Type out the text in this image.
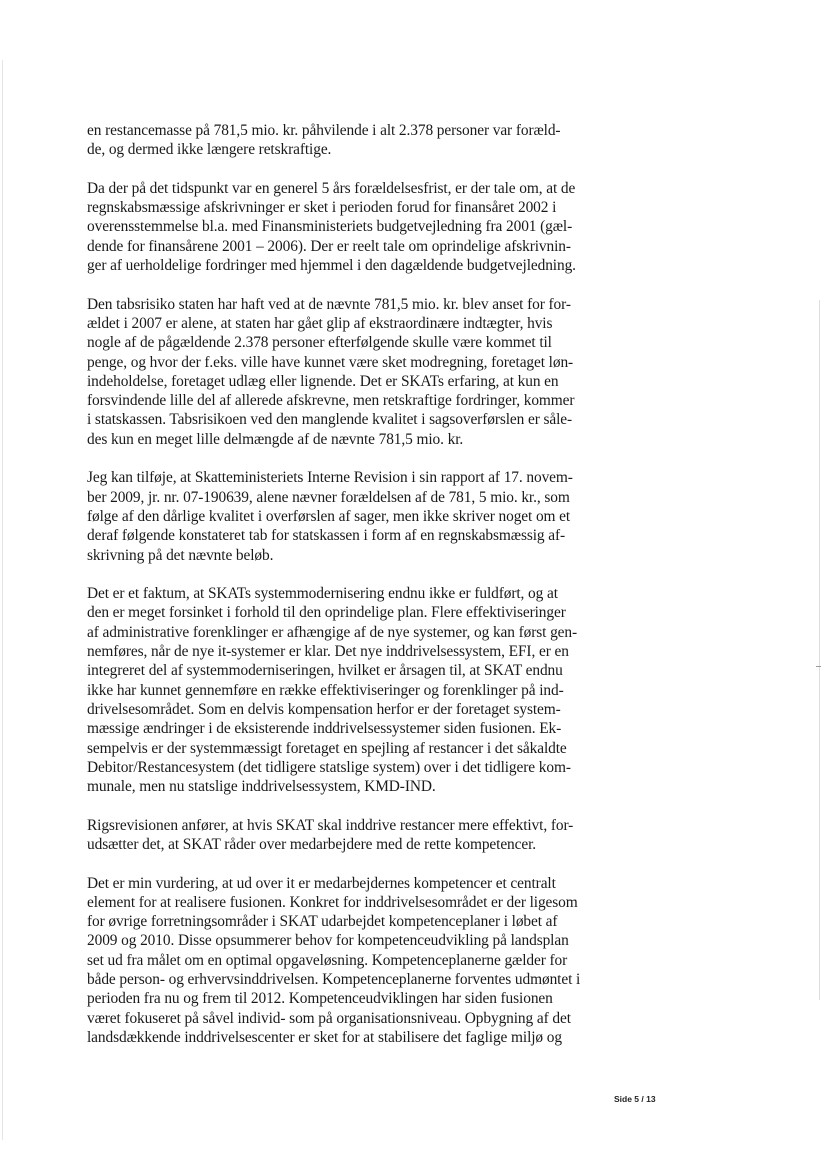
en restancemasse på 781,5 mio. kr. påhvilende i alt 2.378 personer var foræld-
de, og dermed ikke længere retskraftige.
Da der på det tidspunkt var en generel 5 års forældelsesfrist, er der tale om, at de
regnskabsmæssige afskrivninger er sket i perioden forud for finansåret 2002 i
overensstemmelse bl.a. med Finansministeriets budgetvejledning fra 2001 (gæl-
dende for finansårene 2001 – 2006). Der er reelt tale om oprindelige afskrivnin-
ger af uerholdelige fordringer med hjemmel i den dagældende budgetvejledning.
Den tabsrisiko staten har haft ved at de nævnte 781,5 mio. kr. blev anset for for-
ældet i 2007 er alene, at staten har gået glip af ekstraordinære indtægter, hvis
nogle af de pågældende 2.378 personer efterfølgende skulle være kommet til
penge, og hvor der f.eks. ville have kunnet være sket modregning, foretaget løn-
indeholdelse, foretaget udlæg eller lignende. Det er SKATs erfaring, at kun en
forsvindende lille del af allerede afskrevne, men retskraftige fordringer, kommer
i statskassen. Tabsrisikoen ved den manglende kvalitet i sagsoverførslen er såle-
des kun en meget lille delmængde af de nævnte 781,5 mio. kr.
Jeg kan tilføje, at Skatteministeriets Interne Revision i sin rapport af 17. novem-
ber 2009, jr. nr. 07-190639, alene nævner forældelsen af de 781, 5 mio. kr., som
følge af den dårlige kvalitet i overførslen af sager, men ikke skriver noget om et
deraf følgende konstateret tab for statskassen i form af en regnskabsmæssig af-
skrivning på det nævnte beløb.
Det er et faktum, at SKATs systemmodernisering endnu ikke er fuldført, og at
den er meget forsinket i forhold til den oprindelige plan. Flere effektiviseringer
af administrative forenklinger er afhængige af de nye systemer, og kan først gen-
nemføres, når de nye it-systemer er klar. Det nye inddrivelsessystem, EFI, er en
integreret del af systemmoderniseringen, hvilket er årsagen til, at SKAT endnu
ikke har kunnet gennemføre en række effektiviseringer og forenklinger på ind-
drivelsesområdet. Som en delvis kompensation herfor er der foretaget system-
mæssige ændringer i de eksisterende inddrivelsessystemer siden fusionen. Ek-
sempelvis er der systemmæssigt foretaget en spejling af restancer i det såkaldte
Debitor/Restancesystem (det tidligere statslige system) over i det tidligere kom-
munale, men nu statslige inddrivelsessystem, KMD-IND.
Rigsrevisionen anfører, at hvis SKAT skal inddrive restancer mere effektivt, for-
udsætter det, at SKAT råder over medarbejdere med de rette kompetencer.
Det er min vurdering, at ud over it er medarbejdernes kompetencer et centralt
element for at realisere fusionen. Konkret for inddrivelsesområdet er der ligesom
for øvrige forretningsområder i SKAT udarbejdet kompetenceplaner i løbet af
2009 og 2010. Disse opsummerer behov for kompetenceudvikling på landsplan
set ud fra målet om en optimal opgaveløsning. Kompetenceplanerne gælder for
både person- og erhvervsinddrivelsen. Kompetenceplanerne forventes udmøntet i
perioden fra nu og frem til 2012. Kompetenceudviklingen har siden fusionen
været fokuseret på såvel individ- som på organisationsniveau. Opbygning af det
landsdækkende inddrivelsescenter er sket for at stabilisere det faglige miljø og
Side 5 / 13
